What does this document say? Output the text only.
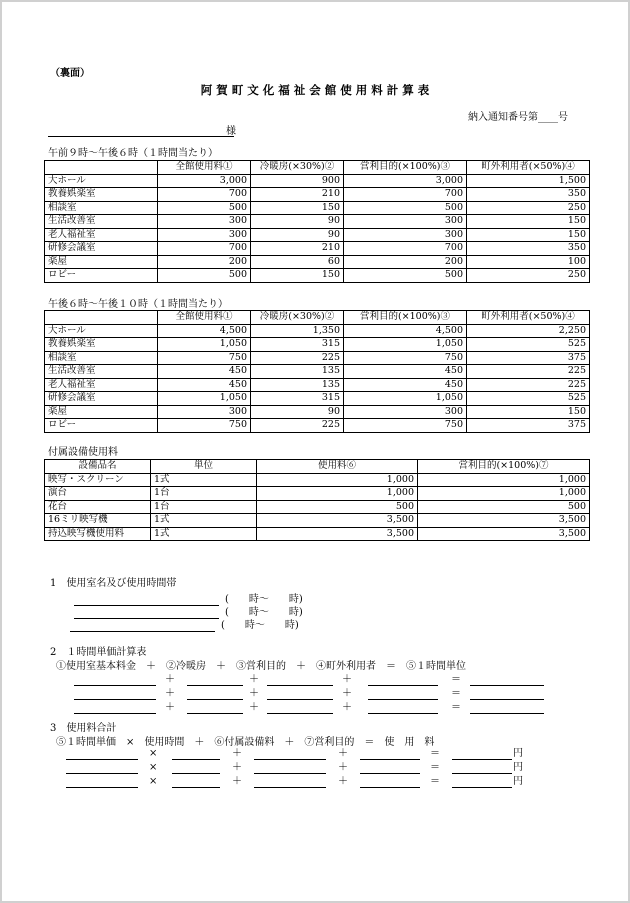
（裏面）
阿 賀 町 文 化 福 祉 会 館 使 用 料 計 算 表
納入通知番号第____号
様
午前９時～午後６時（１時間当たり）
	全館使用料①	冷暖房(×30%)②	営利目的(×100%)③	町外利用者(×50%)④
大ホール	3,000	900	3,000	1,500
教養娯楽室	700	210	700	350
相談室	500	150	500	250
生活改善室	300	90	300	150
老人福祉室	300	90	300	150
研修会議室	700	210	700	350
楽屋	200	60	200	100
ロビー	500	150	500	250
午後６時～午後１０時（１時間当たり）
	全館使用料①	冷暖房(×30%)②	営利目的(×100%)③	町外利用者(×50%)④
大ホール	4,500	1,350	4,500	2,250
教養娯楽室	1,050	315	1,050	525
相談室	750	225	750	375
生活改善室	450	135	450	225
老人福祉室	450	135	450	225
研修会議室	1,050	315	1,050	525
楽屋	300	90	300	150
ロビー	750	225	750	375
付属設備使用料
設備品名	単位	使用料⑥	営利目的(×100%)⑦
映写・スクリーン	1式	1,000	1,000
演台	1台	1,000	1,000
花台	1台	500	500
16ミリ映写機	1式	3,500	3,500
持込映写機使用料	1式	3,500	3,500
1　使用室名及び使用時間帯
(　　時～　　時)
(　　時～　　時)
(　　時～　　時)
2　１時間単価計算表
①使用室基本料金　＋　②冷暖房　＋　③営利目的　＋　④町外利用者　＝　⑤１時間単位
＋	＋	＋	＝
＋	＋	＋	＝
＋	＋	＋	＝
3　使用料合計
⑤１時間単価　×　使用時間　＋　⑥付属設備料　＋　⑦営利目的　＝　使　用　料
×	＋	＋	＝	円
×	＋	＋	＝	円
×	＋	＋	＝	円
